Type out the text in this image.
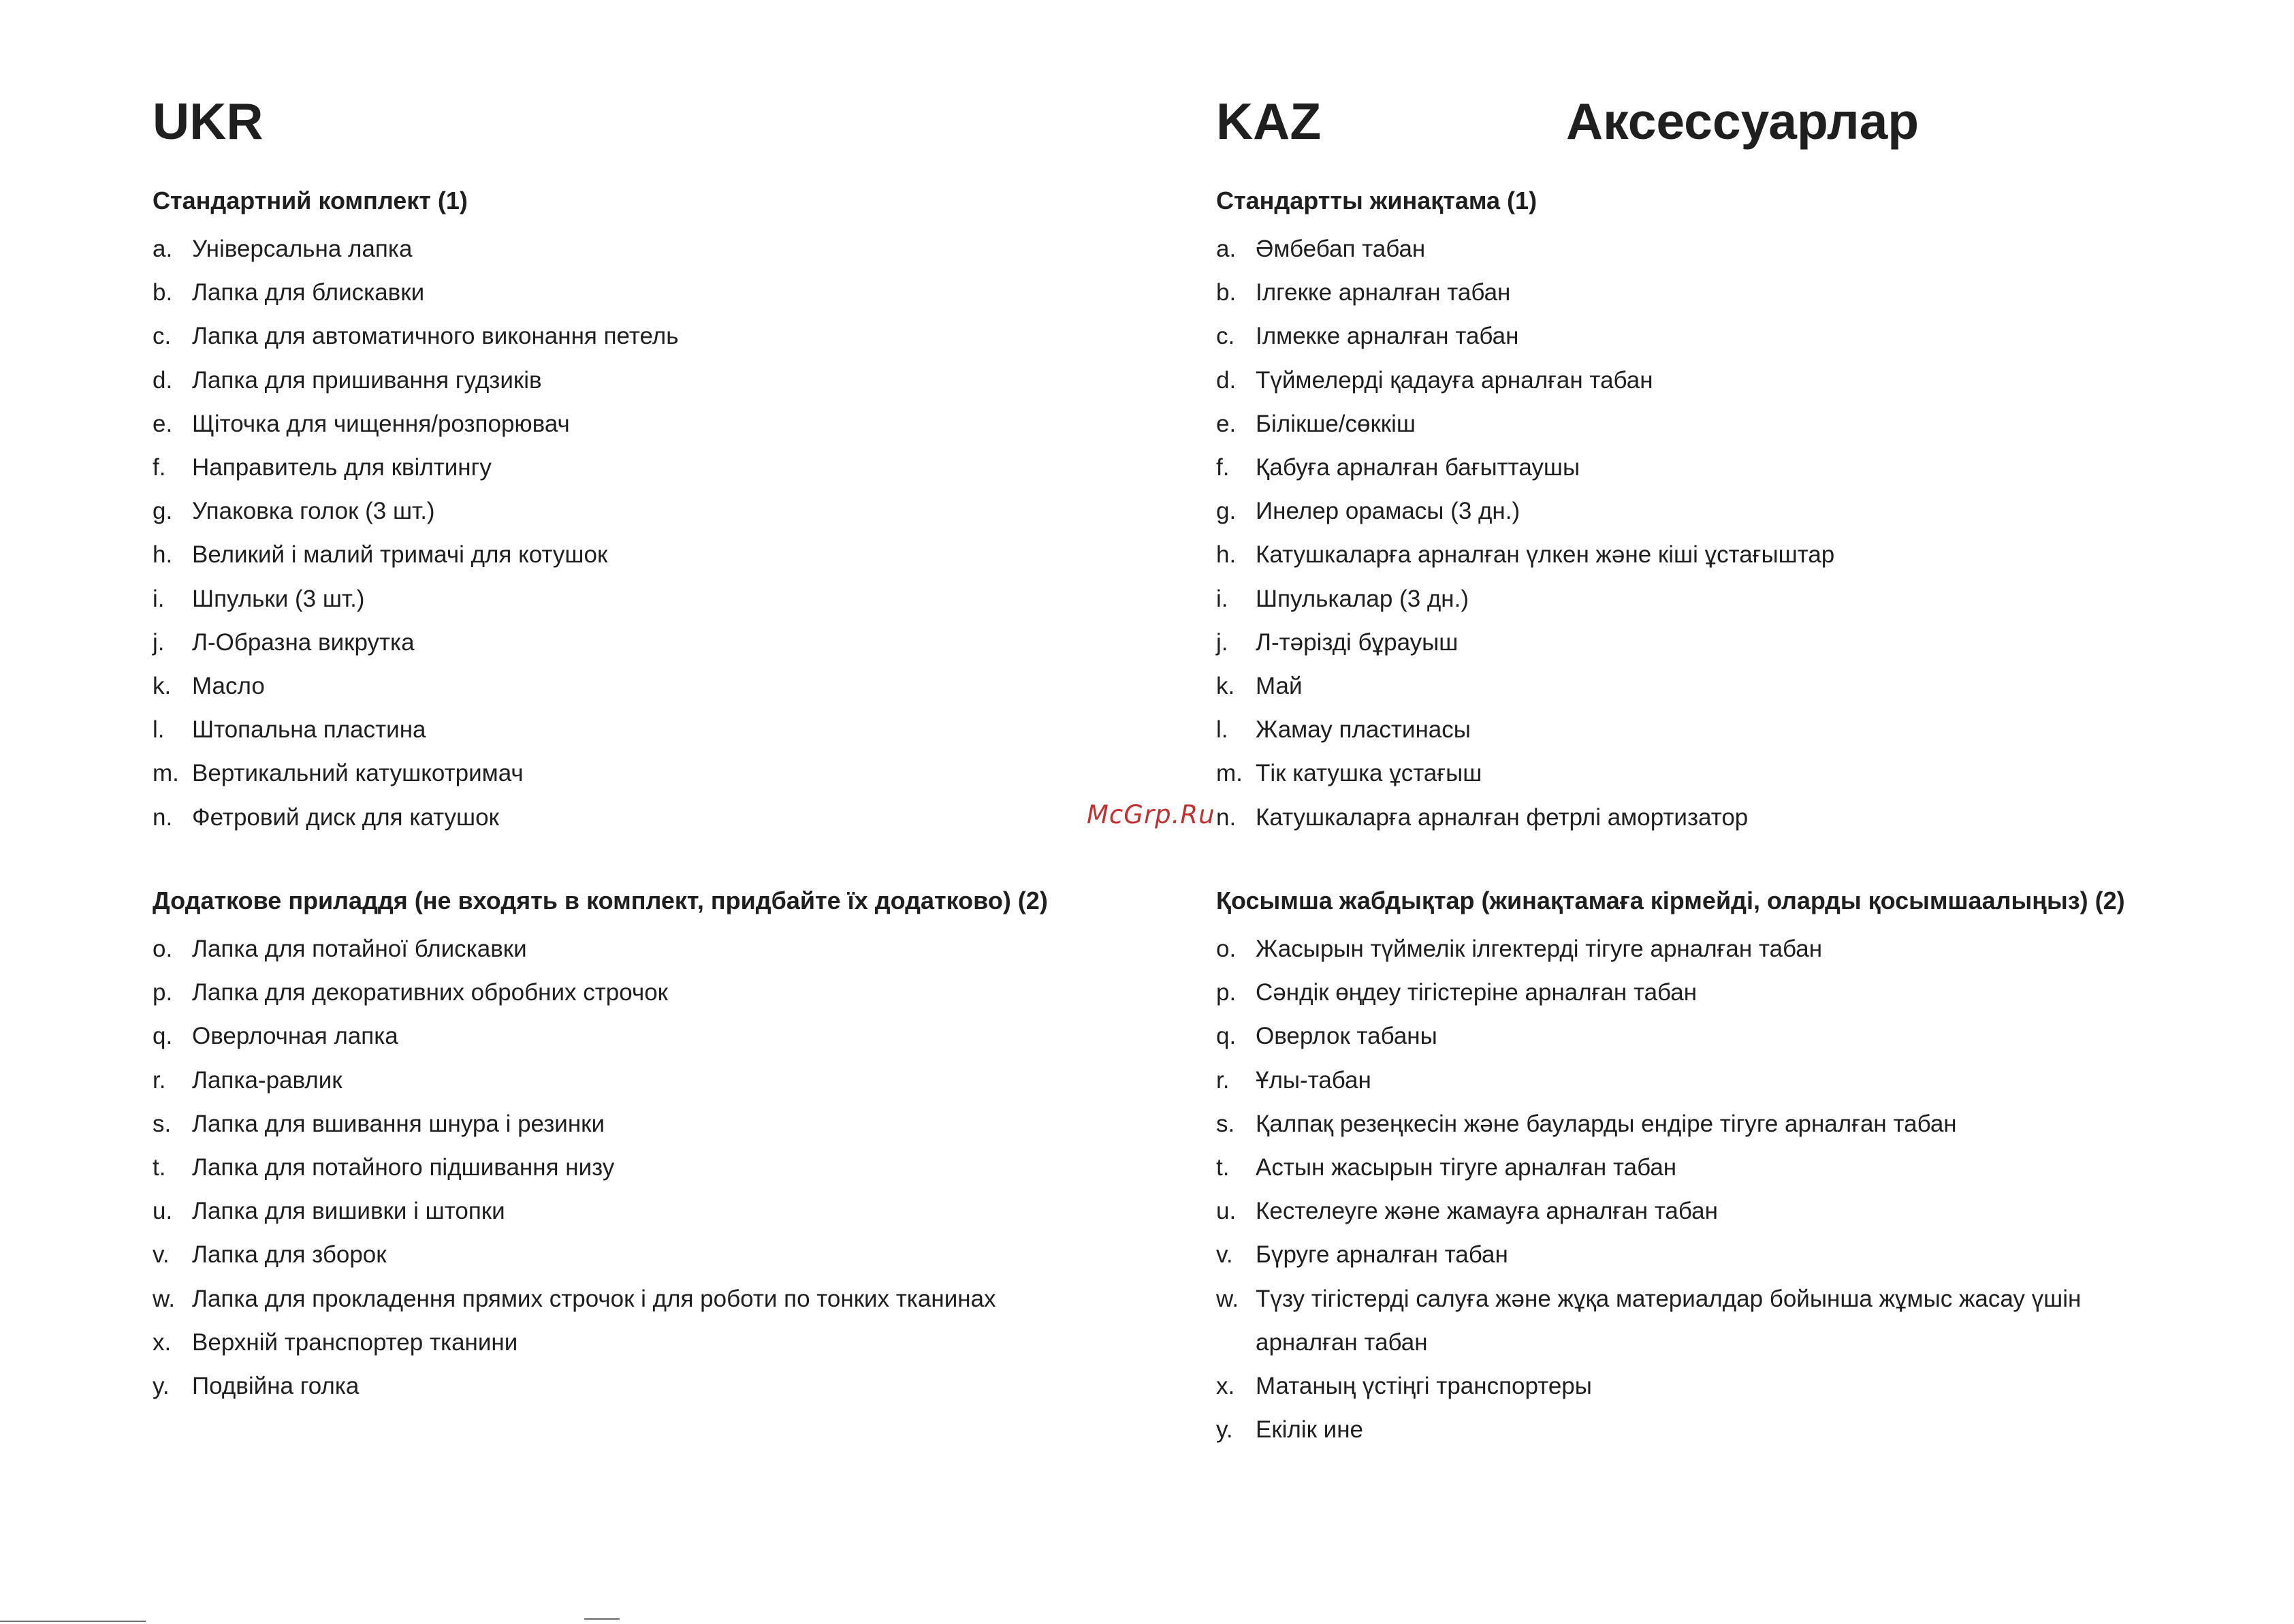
UKR
Стандартний комплект (1)
a. Універсальна лапка
b. Лапка для блискавки
c. Лапка для автоматичного виконання петель
d. Лапка для пришивання гудзиків
e. Щіточка для чищення/розпорювач
f.	Направитель для квілтингу
g. Упаковка голок (3 шт.)
h. Великий і малий тримачі для котушок
i.	Шпульки (3 шт.)
j.	Л-Образна викрутка
k. Масло
l.	Штопальна пластина
m. Вертикальний катушкотримач
n. Фетровий диск для катушок
Додаткове приладдя (не входять в комплект, придбайте їх додатково) (2)
o. Лапка для потайної блискавки
p. Лапка для декоративних обробних строчок
q. Оверлочная лапка
r.	Лапка-равлик
s. Лапка для вшивання шнура і резинки
t.	Лапка для потайного підшивання низу
u. Лапка для вишивки і штопки
v. Лапка для зборок
w. Лапка для прокладення прямих строчок і для роботи по тонких тканинах
x. Верхній транспортер тканини
y. Подвійна голка
KAZ
Стандартты жинақтама (1)
a. Әмбебап табан
b. Ілгекке арналған табан
c. Ілмекке арналған табан
d. Түймелерді қадауға арналған табан
e. Білікше/сөккіш
f.	Қабуға арналған бағыттаушы
g. Инелер орамасы (3 дн.)
h. Катушкаларға арналған үлкен және кіші ұстағыштар
i.	Шпулькалар (3 дн.)
j.	Л-тәрізді бұрауыш
k. Май
l.	Жамау пластинасы
m. Тік катушка ұстағыш
n. Катушкаларға арналған фетрлі амортизатор
Қосымша жабдықтар (жинақтамаға кірмейді, оларды қосымшаалыңыз) (2)
o. Жасырын түймелік ілгектерді тігуге арналған табан
p. Сәндік өңдеу тігістеріне арналған табан
q. Оверлок табаны
r.	Ұлы-табан
s. Қалпақ резеңкесін және бауларды ендіре тігуге арналған табан
t.	Астын жасырын тігуге арналған табан
u. Кестелеуге және жамауға арналған табан
v. Бүруге арналған табан
w. Түзу тігістерді салуға және жұқа материалдар бойынша жұмыс жасау үшін арналған табан
x. Матаның үстіңгі транспортеры
y. Екілік ине
Аксессуарлар
McGrp.Ru
